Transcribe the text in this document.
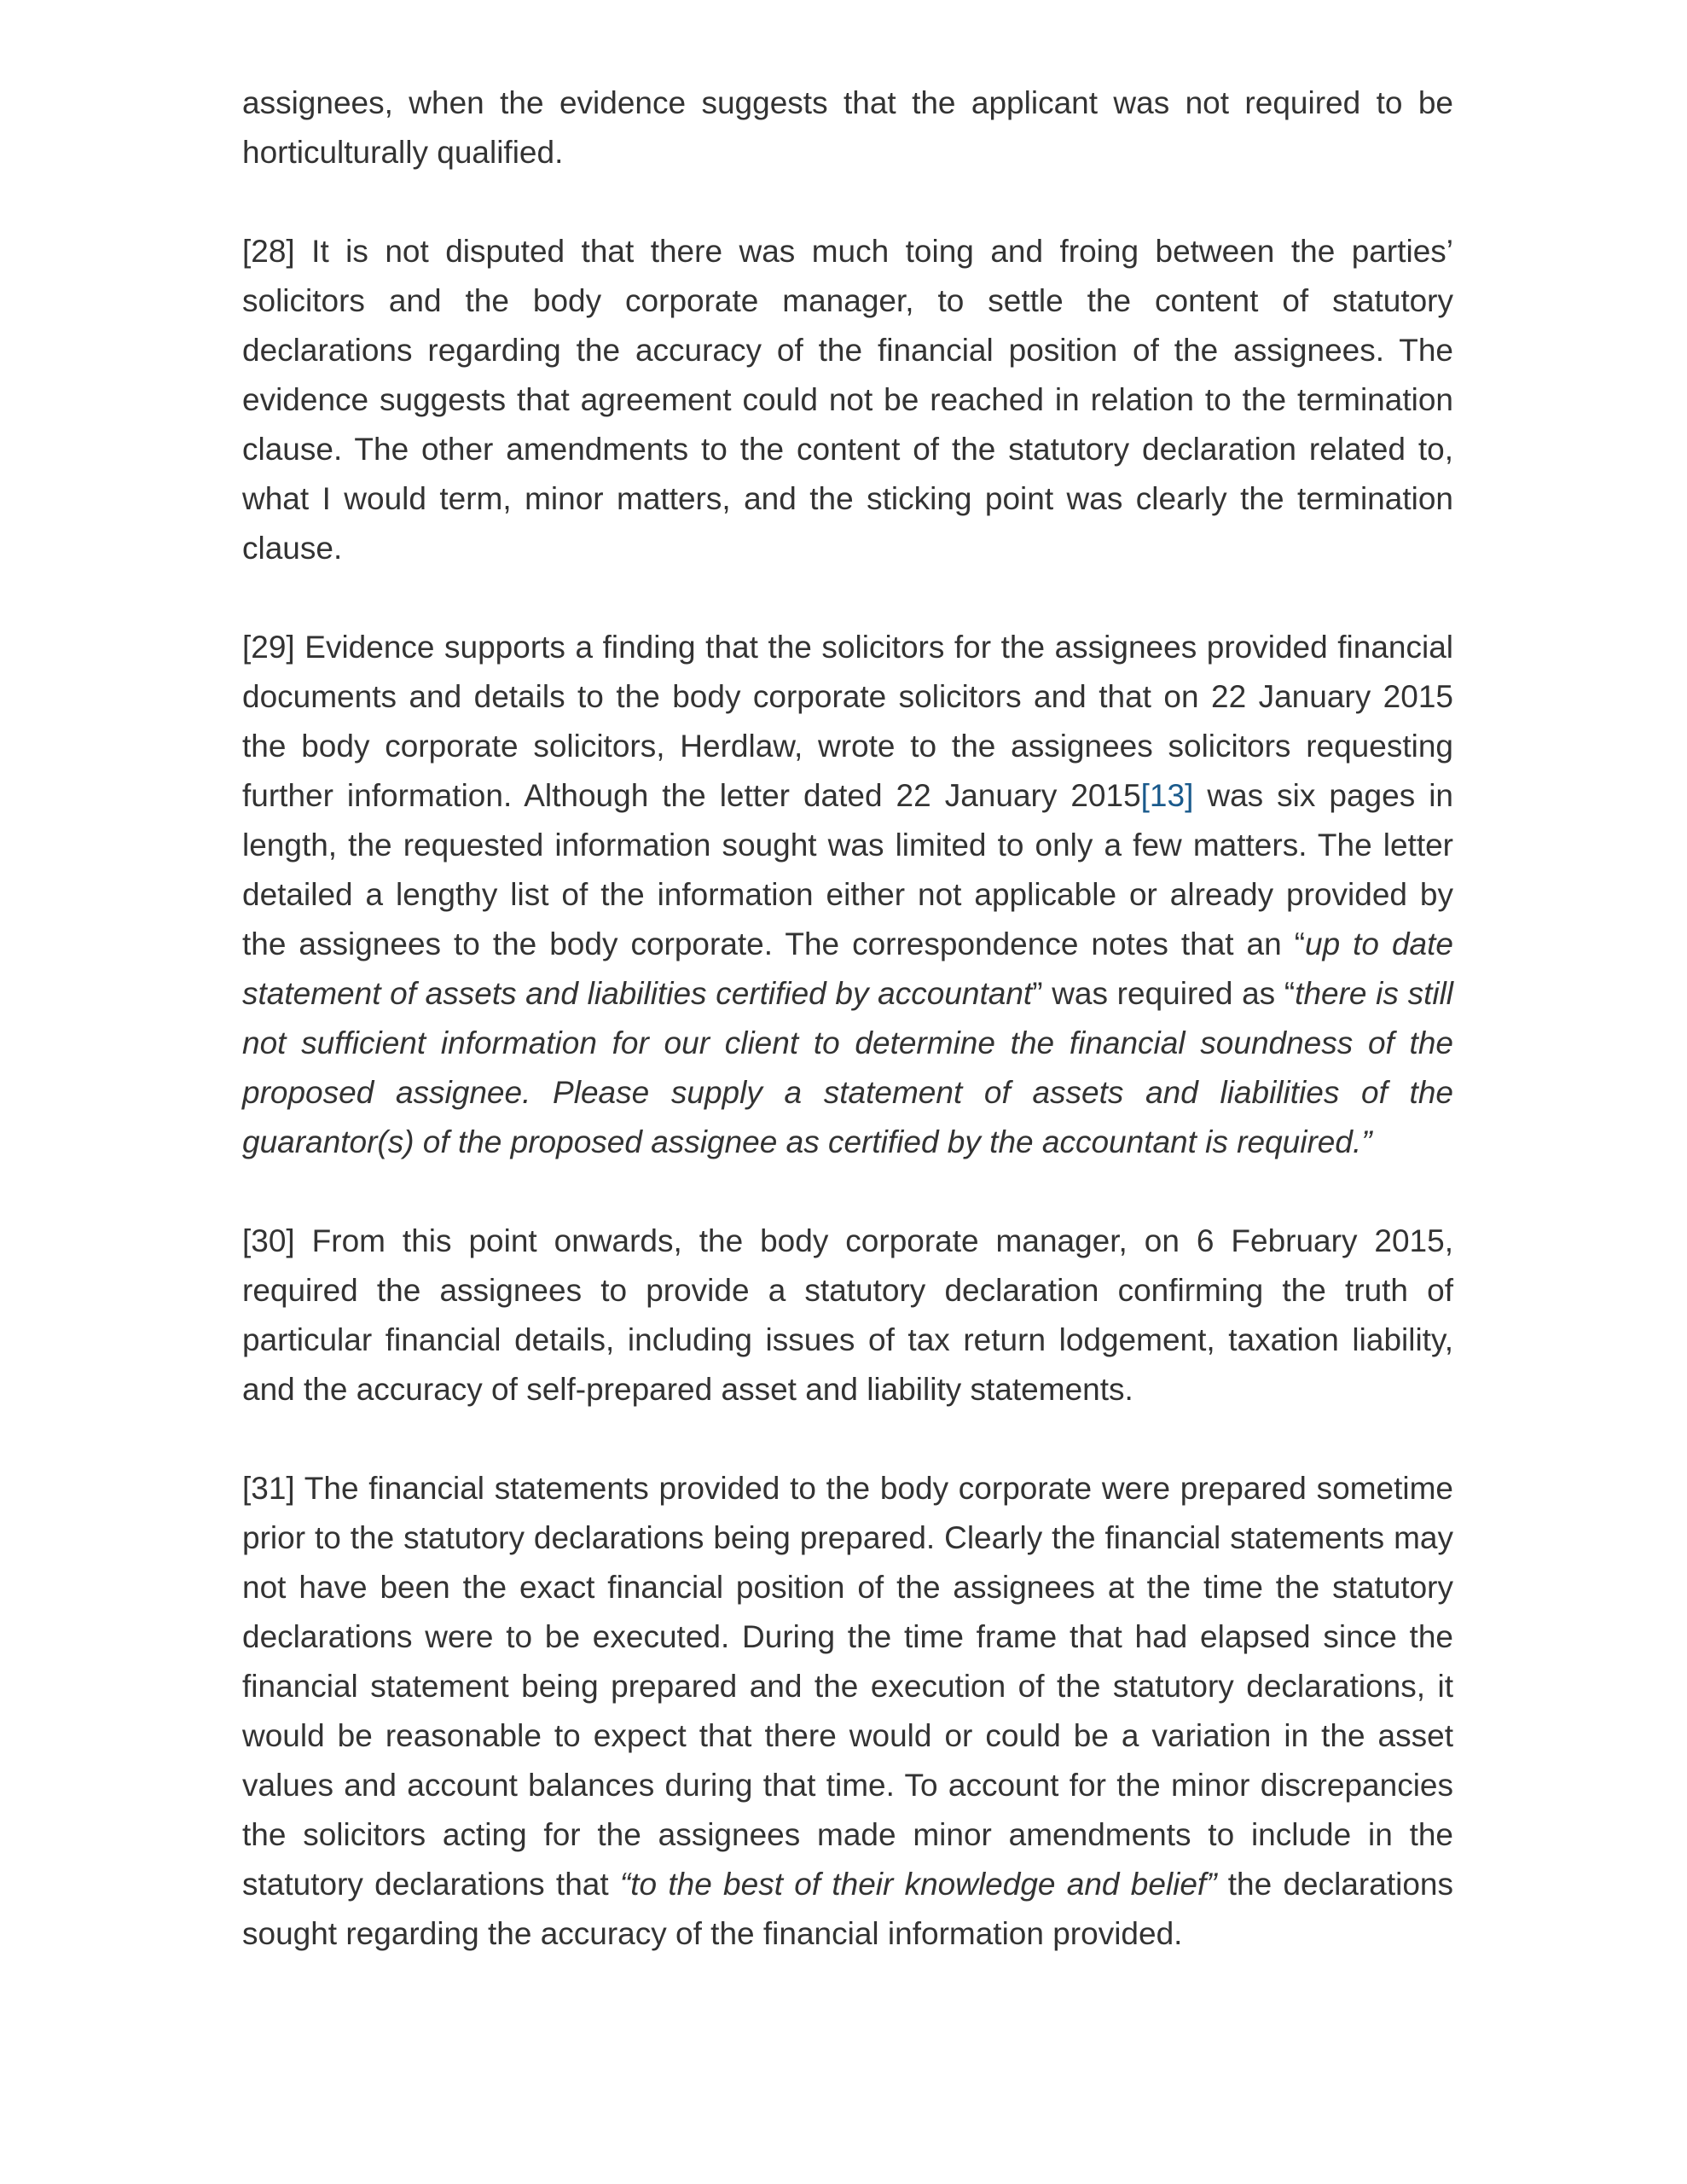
assignees, when the evidence suggests that the applicant was not required to be horticulturally qualified.

[28] It is not disputed that there was much toing and froing between the parties’ solicitors and the body corporate manager, to settle the content of statutory declarations regarding the accuracy of the financial position of the assignees. The evidence suggests that agreement could not be reached in relation to the termination clause. The other amendments to the content of the statutory declaration related to, what I would term, minor matters, and the sticking point was clearly the termination clause.

[29] Evidence supports a finding that the solicitors for the assignees provided financial documents and details to the body corporate solicitors and that on 22 January 2015 the body corporate solicitors, Herdlaw, wrote to the assignees solicitors requesting further information. Although the letter dated 22 January 2015[13] was six pages in length, the requested information sought was limited to only a few matters. The letter detailed a lengthy list of the information either not applicable or already provided by the assignees to the body corporate. The correspondence notes that an “up to date statement of assets and liabilities certified by accountant” was required as “there is still not sufficient information for our client to determine the financial soundness of the proposed assignee. Please supply a statement of assets and liabilities of the guarantor(s) of the proposed assignee as certified by the accountant is required.”

[30] From this point onwards, the body corporate manager, on 6 February 2015, required the assignees to provide a statutory declaration confirming the truth of particular financial details, including issues of tax return lodgement, taxation liability, and the accuracy of self-prepared asset and liability statements.

[31] The financial statements provided to the body corporate were prepared sometime prior to the statutory declarations being prepared. Clearly the financial statements may not have been the exact financial position of the assignees at the time the statutory declarations were to be executed. During the time frame that had elapsed since the financial statement being prepared and the execution of the statutory declarations, it would be reasonable to expect that there would or could be a variation in the asset values and account balances during that time. To account for the minor discrepancies the solicitors acting for the assignees made minor amendments to include in the statutory declarations that “to the best of their knowledge and belief” the declarations sought regarding the accuracy of the financial information provided.
